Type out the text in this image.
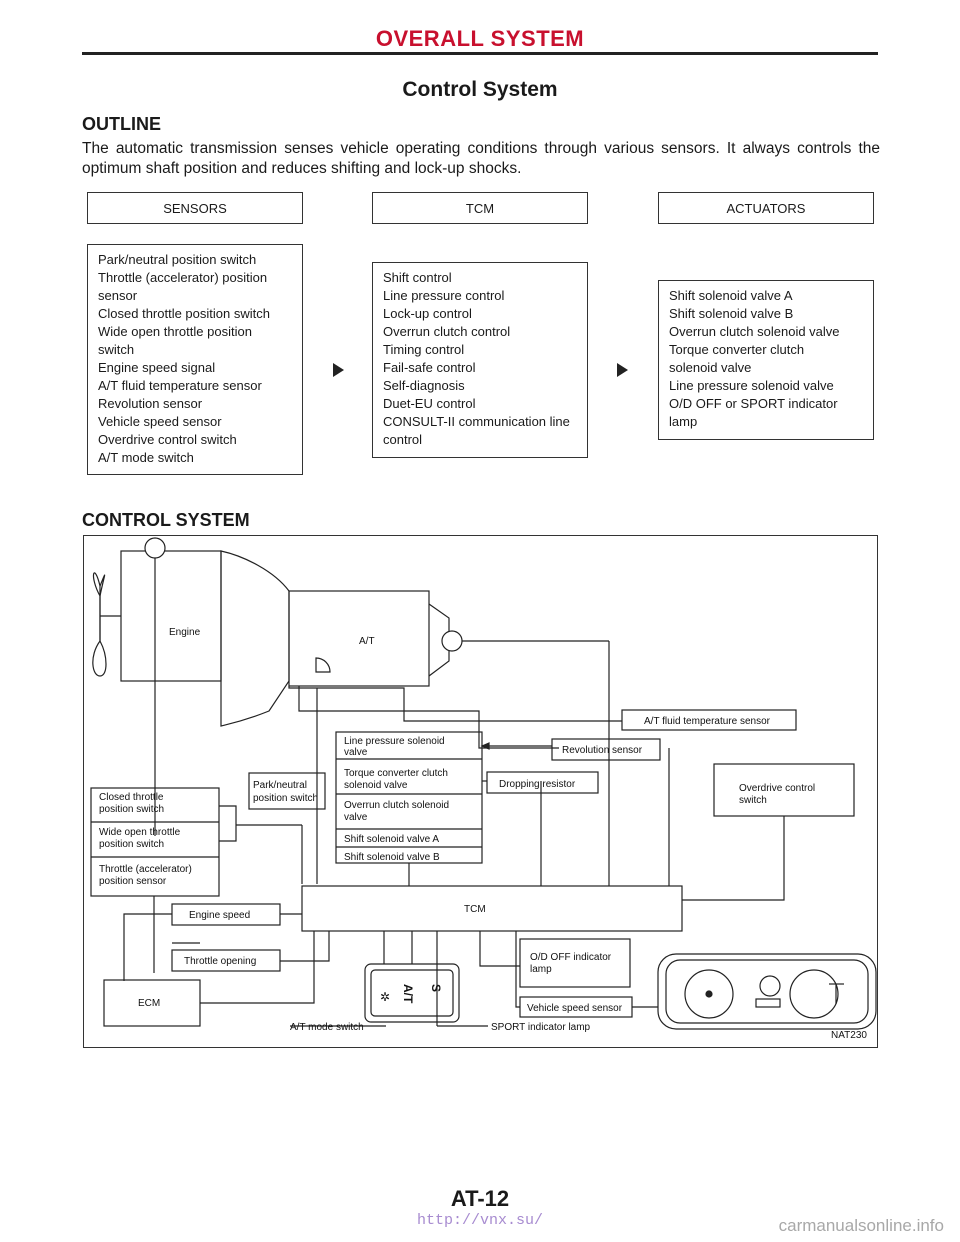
OVERALL SYSTEM
Control System
OUTLINE
The automatic transmission senses vehicle operating conditions through various sensors. It always controls the optimum shaft position and reduces shifting and lock-up shocks.
SENSORS	TCM	ACTUATORS
Park/neutral position switch
Throttle (accelerator) position
sensor
Closed throttle position switch
Wide open throttle position
switch
Engine speed signal
A/T fluid temperature sensor
Revolution sensor
Vehicle speed sensor
Overdrive control switch
A/T mode switch
Shift control
Line pressure control
Lock-up control
Overrun clutch control
Timing control
Fail-safe control
Self-diagnosis
Duet-EU control
CONSULT-II communication line
control
Shift solenoid valve A
Shift solenoid valve B
Overrun clutch solenoid valve
Torque converter clutch
solenoid valve
Line pressure solenoid valve
O/D OFF or SPORT indicator
lamp
CONTROL SYSTEM
Engine
A/T
A/T fluid temperature sensor
Revolution sensor
Dropping resistor	Overdrive control
switch
Line pressure solenoid
valve
Torque converter clutch
solenoid valve
Overrun clutch solenoid
valve
Shift solenoid valve A
Shift solenoid valve B
Park/neutral
position switch
Closed throttle
position switch
Wide open throttle
position switch
Throttle (accelerator)
position sensor
TCM
Engine speed
Throttle opening
ECM
A/T S
✲
A/T mode switch	SPORT indicator lamp
O/D OFF indicator
lamp
Vehicle speed sensor
NAT230
AT-12
http://vnx.su/	carmanualsonline.info
